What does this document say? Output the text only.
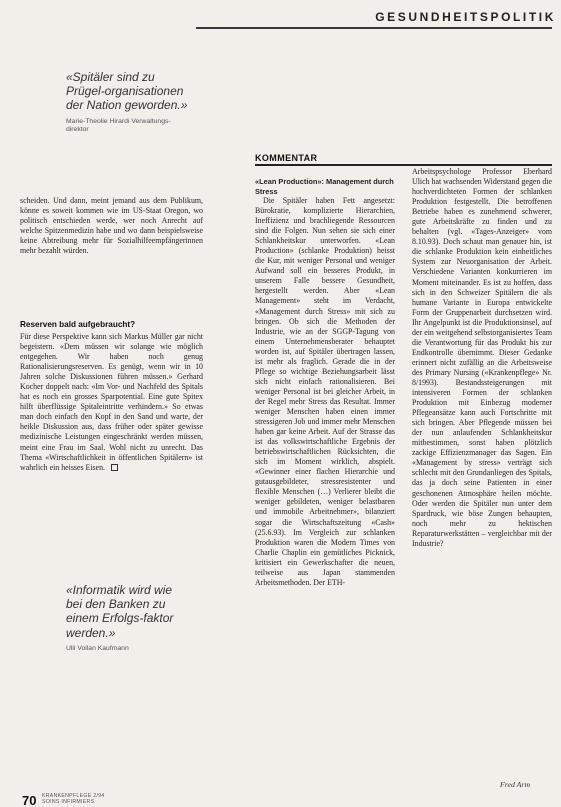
GESUNDHEITSPOLITIK
«Spitäler sind zu Prügel-organisationen der Nation geworden.»
Marie-Theolie Hirardi Verwaltungs-direktor

scheiden. Und dann, meint jemand aus dem Publikum, könne es soweit kommen wie im US-Staat Oregon, wo politisch entschieden werde, wer noch Anrecht auf welche Spitzenmedizin habe und wo dann beispielsweise keine Abtreibung mehr für Sozialhilfeempfängerinnen mehr bezahlt würden.

Reserven bald aufgebraucht?

Für diese Perspektive kann sich Markus Müller gar nicht begeistern. «Dem müssen wir solange wie möglich entgegehen. Wir haben noch genug Rationalisierungsreserven. Es genügt, wenn wir in 10 Jahren solche Diskussionen führen müssen.» Gerhard Kocher doppelt nach: «Im Vor- und Nachfeld des Spitals hat es noch ein grosses Sparpotential. Eine gute Spitex hilft überflüssige Spitaleintritte verhindern.» So etwas man doch einfach den Kopf in den Sand und warte, der heikle Diskussion aus, dass früher oder später gewisse medizinische Leistungen eingeschränkt werden müssen, meint eine Frau im Saal. Wohl nicht zu unrecht. Das Thema «Wirtschaftlichkeit in öffentlichen Spitälern» ist wahrlich ein heisses Eisen.

«Informatik wird wie bei den Banken zu einem Erfolgs-faktor werden.»
Ulli Vollan Kaufmann
KOMMENTAR

«Lean Production»: Management durch Stress

Die Spitäler haben Fett angesetzt: Bürokratie, komplizierte Hierarchien, Ineffizienz und brachliegende Ressourcen sind die Folgen. Nun sehen sie sich einer Schlankheitskur unterworfen. «Lean Production» (schlanke Produktion) heisst die Kur, mit weniger Personal und weniger Aufwand soll ein besseres Produkt, in unserem Falle bessere Gesundheit, hergestellt werden. Aber «Lean Management» steht im Verdacht, «Management durch Stress» mit sich zu bringen. Ob sich die Methoden der Industrie, wie an der SGGP-Tagung von einem Unternehmensberater behauptet worden ist, auf Spitäler übertragen lassen, ist mehr als fraglich. Gerade die in der Pflege so wichtige Beziehungsarbeit lässt sich nicht einfach rationalisieren. Bei weniger Personal ist bei gleicher Arbeit, in der Regel mehr Stress das Resultat. Immer weniger Menschen haben einen immer stressigeren Job und immer mehr Menschen haben gar keine Arbeit. Auf der Strasse das ist das volkswirtschaftliche Ergebnis der betriebswirtschaftlichen Rücksichten, die sich im Moment wirklich, abspielt. «Gewinner einer flachen Hierarchie und gutausgebildeter, stressresistenter und flexible Menschen (…) Verlierer bleibt die weniger gebildeten, weniger belastbaren und immobile Arbeitnehmer», bilanziert sogar die Wirtschaftszeitung «Cash» (25.6.93). Im Vergleich zur schlanken Produktion waren die Modern Times von Charlie Chaplin ein gemütliches Picknick, kritisiert ein Gewerkschafter die neuen, teilweise aus Japan stammenden Arbeitsmethoden. Der ETH-

Arbeitspsychologe Professor Eberhard Ulich hat wachsenden Widerstand gegen die hochverdichteten Formen der schlanken Produktion festgestellt. Die betroffenen Betriebe haben es zunehmend schwerer, gute Arbeitskräfte zu finden und zu behalten (vgl. «Tages-Anzeiger» vom 8.10.93). Doch schaut man genauer hin, ist die schlanke Produktion kein einheitliches System zur Neuorganisation der Arbeit. Verschiedene Varianten konkurrieren im Moment miteinander. Es ist zu hoffen, dass sich in den Schweizer Spitälern die als humane Variante in Europa entwickelte Form der Gruppenarbeit durchsetzen wird. Ihr Angelpunkt ist die Produktionsinsel, auf der ein weitgehend selbstorganisiertes Team die Verantwortung für das Produkt bis zur Endkontrolle übernimmt. Dieser Gedanke erinnert nicht zufällig an die Arbeitsweise des Primary Nursing («Krankenpflege» Nr. 8/1993). Bestandssteigerungen mit intensiveren Formen der schlanken Produktion mit Einbezug moderner Pflegeansätze kann auch Fortschritte mit sich bringen. Aber Pflegende müssen bei der nun anlaufenden Schlankheitskur mitbestimmen, sonst haben plötzlich zackige Effizienzmanager das Sagen. Ein «Management by stress» verträgt sich schlecht mit den Grundanliegen des Spitals, das ja doch seine Patienten in einer geschonenen Atmosphäre heilen möchte. Oder werden die Spitäler nun unter dem Spardruck, wie böse Zungen behaupten, noch mehr zu hektischen Reparaturwerkstätten – vergleichbar mit der Industrie?

Fred Arm
70 KRANKENPFLEGE 2/94
SOINS INFIRMIERS
